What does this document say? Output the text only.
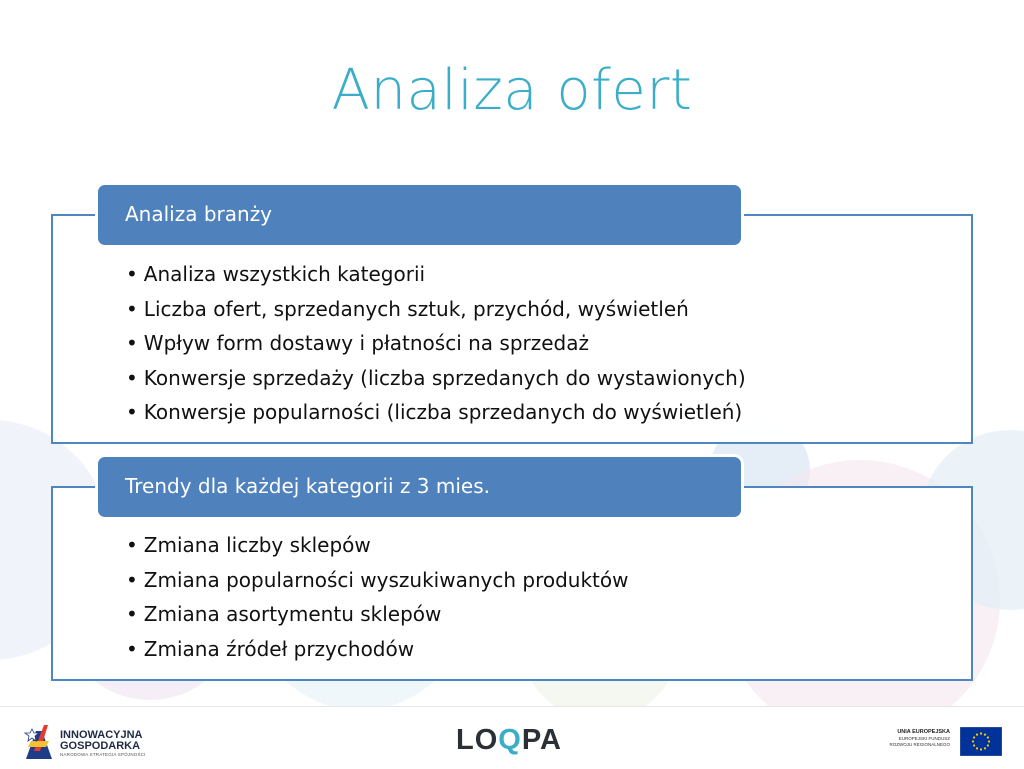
Analiza ofert
Analiza branży
• Analiza wszystkich kategorii
• Liczba ofert, sprzedanych sztuk, przychód, wyświetleń
• Wpływ form dostawy i płatności na sprzedaż
• Konwersje sprzedaży (liczba sprzedanych do wystawionych)
• Konwersje popularności (liczba sprzedanych do wyświetleń)
Trendy dla każdej kategorii z 3 mies.
• Zmiana liczby sklepów
• Zmiana popularności wyszukiwanych produktów
• Zmiana asortymentu sklepów
• Zmiana źródeł przychodów
INNOWACYJNA
GOSPODARKA
NARODOWA STRATEGIA SPÓJNOŚCI	LOQPA	UNIA EUROPEJSKA
EUROPEJSKI FUNDUSZ
ROZWOJU REGIONALNEGO
